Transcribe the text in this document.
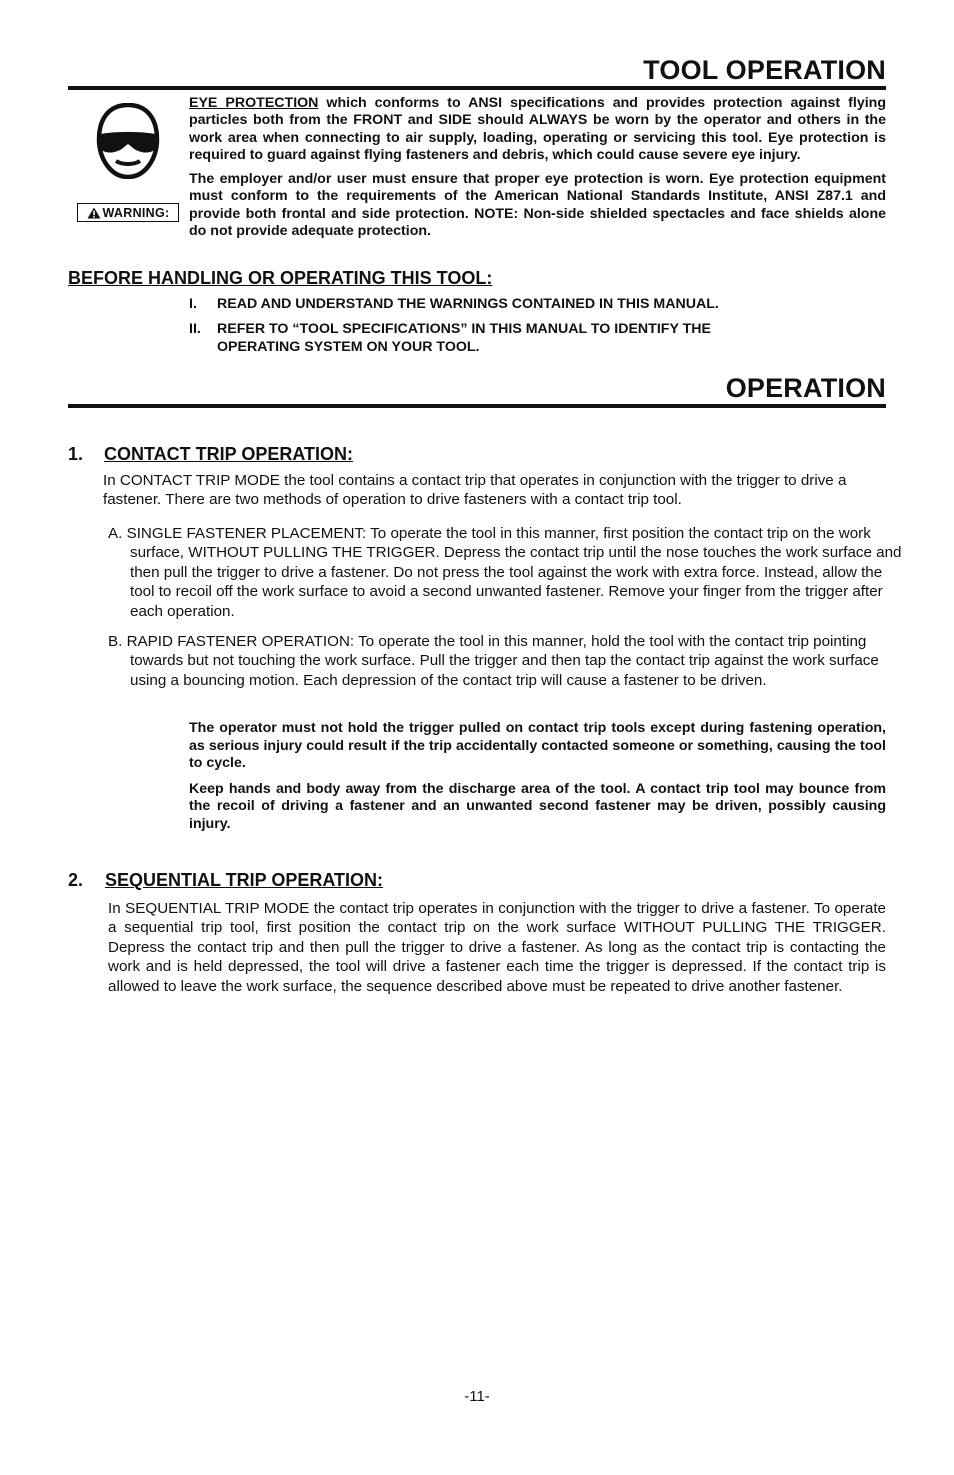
TOOL OPERATION
WARNING:

EYE PROTECTION which conforms to ANSI specifications and provides protection against flying particles both from the FRONT and SIDE should ALWAYS be worn by the operator and others in the work area when connecting to air supply, loading, operating or servicing this tool. Eye protection is required to guard against flying fasteners and debris, which could cause severe eye injury.

The employer and/or user must ensure that proper eye protection is worn. Eye protection equipment must conform to the requirements of the American National Standards Institute, ANSI Z87.1 and provide both frontal and side protection. NOTE: Non-side shielded spectacles and face shields alone do not provide adequate protection.

BEFORE HANDLING OR OPERATING THIS TOOL:
I.	READ AND UNDERSTAND THE WARNINGS CONTAINED IN THIS MANUAL.
II.	REFER TO “TOOL SPECIFICATIONS” IN THIS MANUAL TO IDENTIFY THE OPERATING SYSTEM ON YOUR TOOL.
OPERATION
1. CONTACT TRIP OPERATION:

In CONTACT TRIP MODE the tool contains a contact trip that operates in conjunction with the trigger to drive a fastener. There are two methods of operation to drive fasteners with a contact trip tool.

A. SINGLE FASTENER PLACEMENT: To operate the tool in this manner, first position the contact trip on the work surface, WITHOUT PULLING THE TRIGGER. Depress the contact trip until the nose touches the work surface and then pull the trigger to drive a fastener. Do not press the tool against the work with extra force. Instead, allow the tool to recoil off the work surface to avoid a second unwanted fastener. Remove your finger from the trigger after each operation.
B. RAPID FASTENER OPERATION: To operate the tool in this manner, hold the tool with the contact trip pointing towards but not touching the work surface. Pull the trigger and then tap the contact trip against the work surface using a bouncing motion. Each depression of the contact trip will cause a fastener to be driven.

The operator must not hold the trigger pulled on contact trip tools except during fastening operation, as serious injury could result if the trip accidentally contacted someone or something, causing the tool to cycle.

Keep hands and body away from the discharge area of the tool. A contact trip tool may bounce from the recoil of driving a fastener and an unwanted second fastener may be driven, possibly causing injury.

2. SEQUENTIAL TRIP OPERATION:

In SEQUENTIAL TRIP MODE the contact trip operates in conjunction with the trigger to drive a fastener. To operate a sequential trip tool, first position the contact trip on the work surface WITHOUT PULLING THE TRIGGER. Depress the contact trip and then pull the trigger to drive a fastener. As long as the contact trip is contacting the work and is held depressed, the tool will drive a fastener each time the trigger is depressed. If the contact trip is allowed to leave the work surface, the sequence described above must be repeated to drive another fastener.

-11-
